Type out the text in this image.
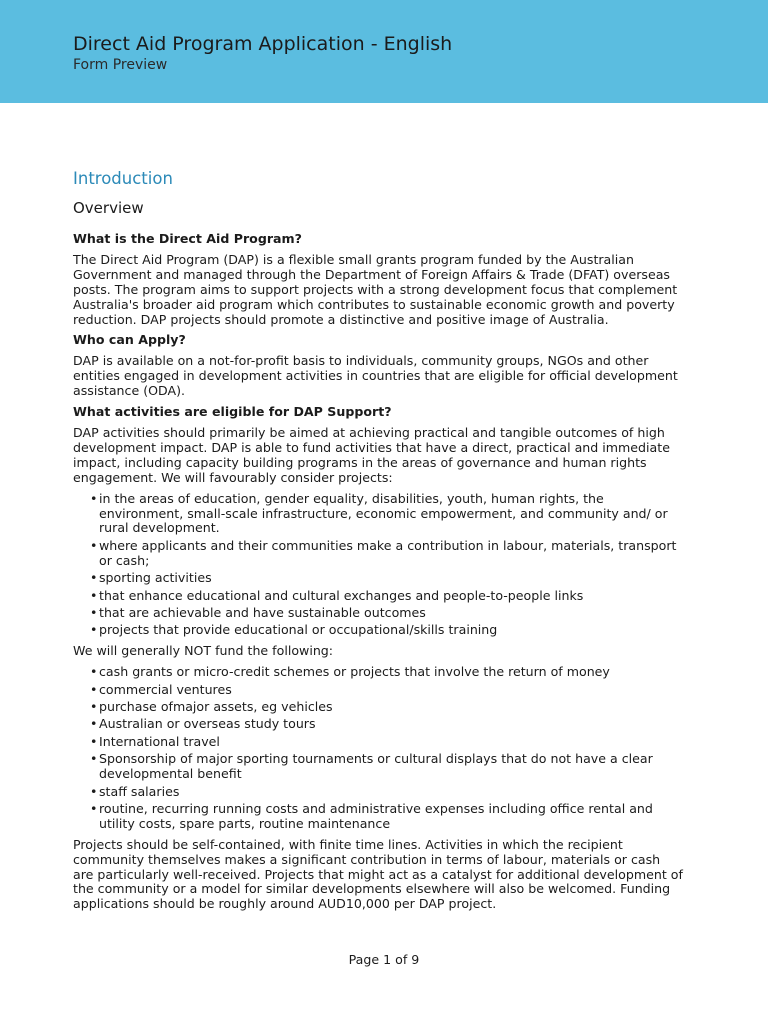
Direct Aid Program Application - English
Form Preview
Introduction
Overview
What is the Direct Aid Program?
The Direct Aid Program (DAP) is a flexible small grants program funded by the Australian Government and managed through the Department of Foreign Affairs & Trade (DFAT) overseas posts. The program aims to support projects with a strong development focus that complement Australia's broader aid program which contributes to sustainable economic growth and poverty reduction. DAP projects should promote a distinctive and positive image of Australia.
Who can Apply?
DAP is available on a not-for-profit basis to individuals, community groups, NGOs and other entities engaged in development activities in countries that are eligible for official development assistance (ODA).
What activities are eligible for DAP Support?
DAP activities should primarily be aimed at achieving practical and tangible outcomes of high development impact. DAP is able to fund activities that have a direct, practical and immediate impact, including capacity building programs in the areas of governance and human rights engagement. We will favourably consider projects:
• in the areas of education, gender equality, disabilities, youth, human rights, the environment, small-scale infrastructure, economic empowerment, and community and/ or rural development.
• where applicants and their communities make a contribution in labour, materials, transport or cash;
• sporting activities
• that enhance educational and cultural exchanges and people-to-people links
• that are achievable and have sustainable outcomes
• projects that provide educational or occupational/skills training
We will generally NOT fund the following:
• cash grants or micro-credit schemes or projects that involve the return of money
• commercial ventures
• purchase ofmajor assets, eg vehicles
• Australian or overseas study tours
• International travel
• Sponsorship of major sporting tournaments or cultural displays that do not have a clear developmental benefit
• staff salaries
• routine, recurring running costs and administrative expenses including office rental and utility costs, spare parts, routine maintenance
Projects should be self-contained, with finite time lines. Activities in which the recipient community themselves makes a significant contribution in terms of labour, materials or cash are particularly well-received. Projects that might act as a catalyst for additional development of the community or a model for similar developments elsewhere will also be welcomed. Funding applications should be roughly around AUD10,000 per DAP project.
Page 1 of 9
